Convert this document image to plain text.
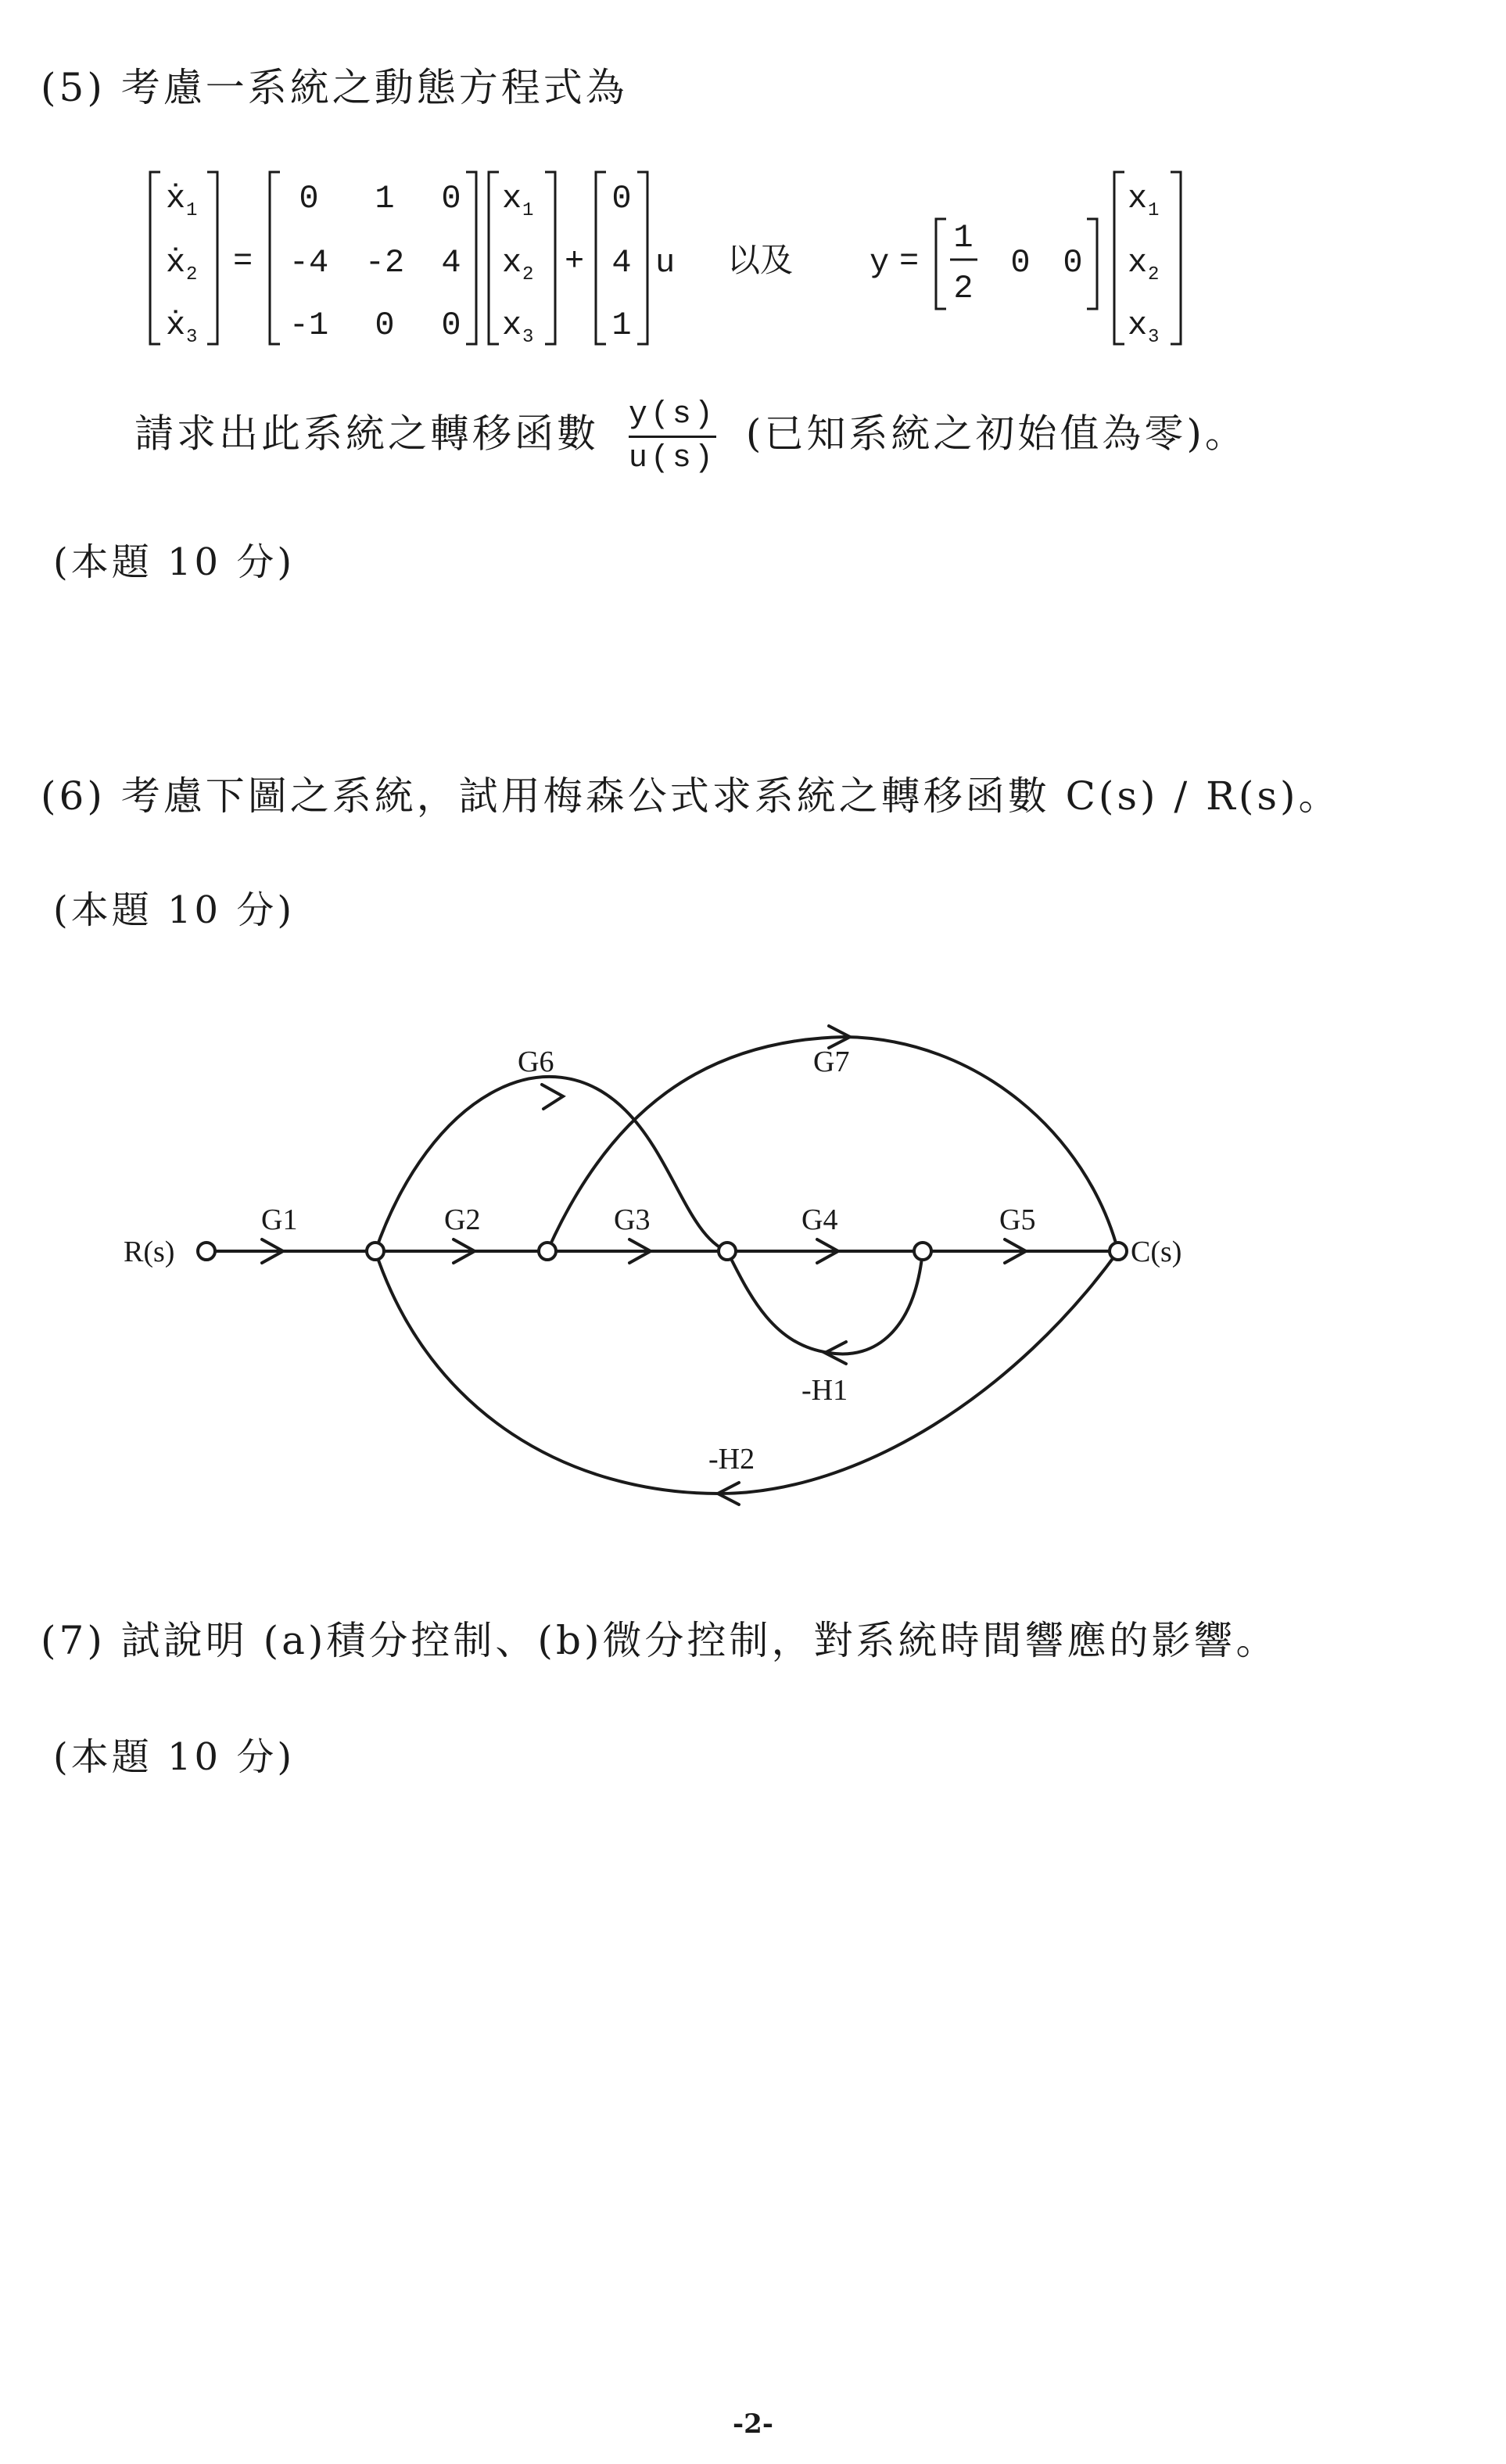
(5) 考慮一系統之動態方程式為
ẋ 1
ẋ 2
ẋ 3
=
0 1 0
-4 -2 4
-1 0 0
x 1
x 2
x 3
+
0
4
1
u 以及 y =
1
2
0 0
x 1
x 2
x 3
請求出此系統之轉移函數 $\frac{y(s)}{u(s)}$ (已知系統之初始值為零)。
(本題 10 分)
(6) 考慮下圖之系統，試用梅森公式求系統之轉移函數 C(s) / R(s)。
(本題 10 分)
R(s)	C(s)
G1	G2	G3	G4	G5
G6	G7
-H1
-H2
(7) 試說明 (a)積分控制、(b)微分控制，對系統時間響應的影響。
(本題 10 分)
-2-
